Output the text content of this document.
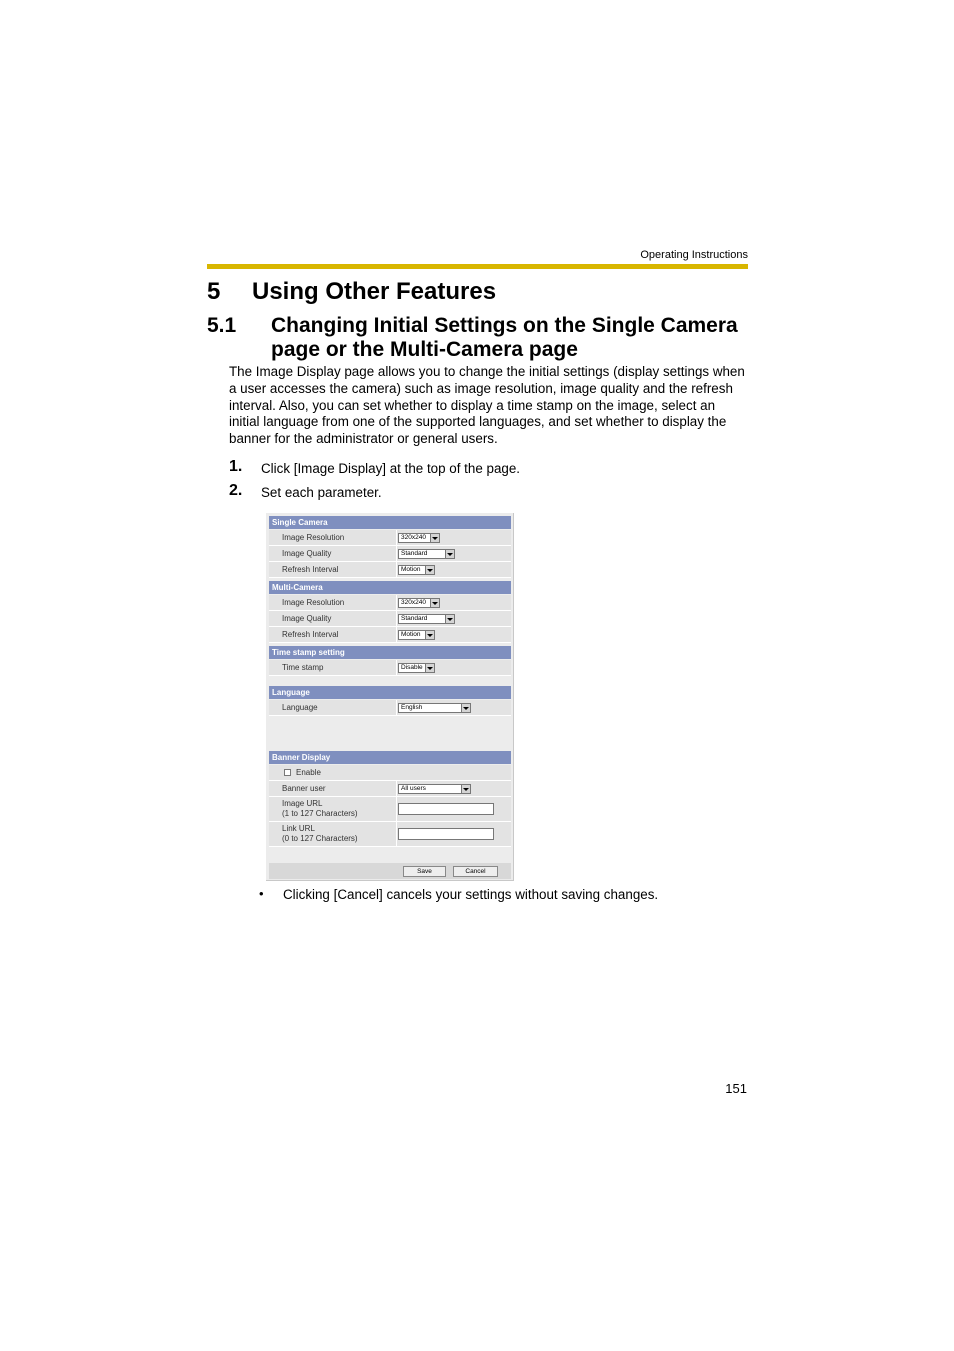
Operating Instructions
5 Using Other Features
5.1 Changing Initial Settings on the Single Camera page or the Multi-Camera page
The Image Display page allows you to change the initial settings (display settings when a user accesses the camera) such as image resolution, image quality and the refresh interval. Also, you can set whether to display a time stamp on the image, select an initial language from one of the supported languages, and set whether to display the banner for the administrator or general users.
1. Click [Image Display] at the top of the page.
2. Set each parameter.
Single Camera
Image Resolution	320x240
Image Quality	Standard
Refresh Interval	Motion
Multi-Camera
Image Resolution	320x240
Image Quality	Standard
Refresh Interval	Motion
Time stamp setting
Time stamp	Disable
Language
Language	English
Banner Display
Enable
Banner user	All users
Image URL
(1 to 127 Characters)
Link URL
(0 to 127 Characters)
Save	Cancel
• Clicking [Cancel] cancels your settings without saving changes.
151
